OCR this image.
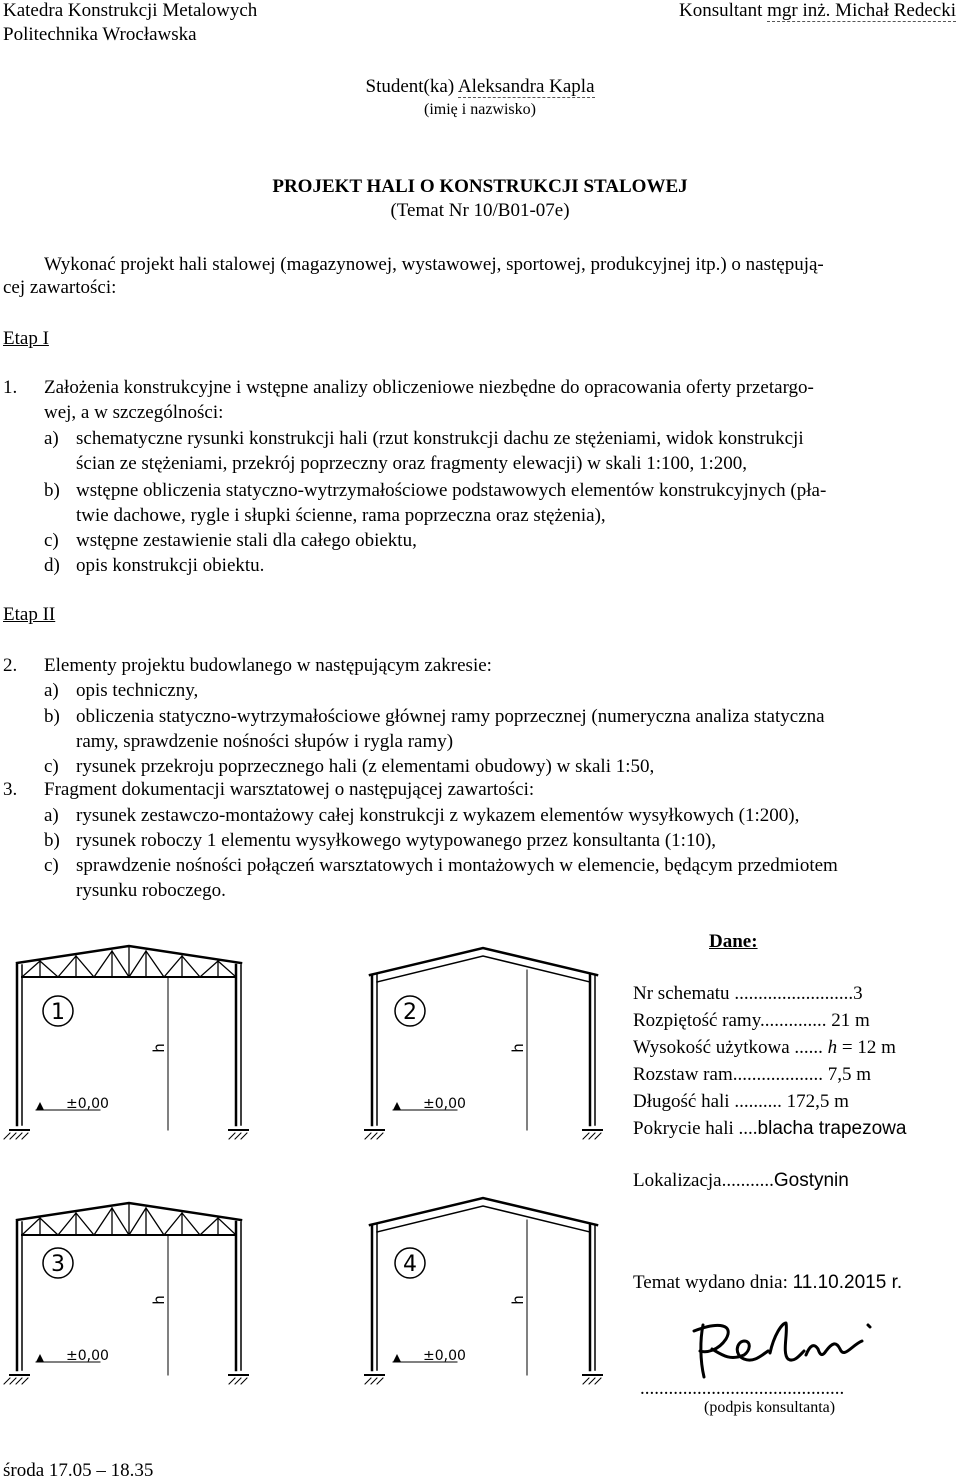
Katedra Konstrukcji Metalowych
Politechnika Wrocławska
Konsultant mgr inż. Michał Redecki
Student(ka) Aleksandra Kapla
(imię i nazwisko)
PROJEKT HALI O KONSTRUKCJI STALOWEJ
(Temat Nr 10/B01-07e)
Wykonać projekt hali stalowej (magazynowej, wystawowej, sportowej, produkcyjnej itp.) o następują-
cej zawartości:
Etap I
1. Założenia konstrukcyjne i wstępne analizy obliczeniowe niezbędne do opracowania oferty przetargo-
wej, a w szczególności:
a) schematyczne rysunki konstrukcji hali (rzut konstrukcji dachu ze stężeniami, widok konstrukcji
ścian ze stężeniami, przekrój poprzeczny oraz fragmenty elewacji) w skali 1:100, 1:200,
b) wstępne obliczenia statyczno-wytrzymałościowe podstawowych elementów konstrukcyjnych (pła-
twie dachowe, rygle i słupki ścienne, rama poprzeczna oraz stężenia),
c) wstępne zestawienie stali dla całego obiektu,
d) opis konstrukcji obiektu.
Etap II
2. Elementy projektu budowlanego w następującym zakresie:
a) opis techniczny,
b) obliczenia statyczno-wytrzymałościowe głównej ramy poprzecznej (numeryczna analiza statyczna
ramy, sprawdzenie nośności słupów i rygla ramy)
c) rysunek przekroju poprzecznego hali (z elementami obudowy) w skali 1:50,
3. Fragment dokumentacji warsztatowej o następującej zawartości:
a) rysunek zestawczo-montażowy całej konstrukcji z wykazem elementów wysyłkowych (1:200),
b) rysunek roboczy 1 elementu wysyłkowego wytypowanego przez konsultanta (1:10),
c) sprawdzenie nośności połączeń warsztatowych i montażowych w elemencie, będącym przedmiotem
rysunku roboczego.
1	2
3	4
±0,00	±0,00
±0,00	±0,00
h	h
h	h
Dane:
Nr schematu .........................3
Rozpiętość ramy.............. 21 m
Wysokość użytkowa ...... h = 12 m
Rozstaw ram................... 7,5 m
Długość hali .......... 172,5 m
Pokrycie hali ....blacha trapezowa
Lokalizacja...........Gostynin
Temat wydano dnia: 11.10.2015 r.
...........................................
(podpis konsultanta)
środa 17.05 – 18.35
